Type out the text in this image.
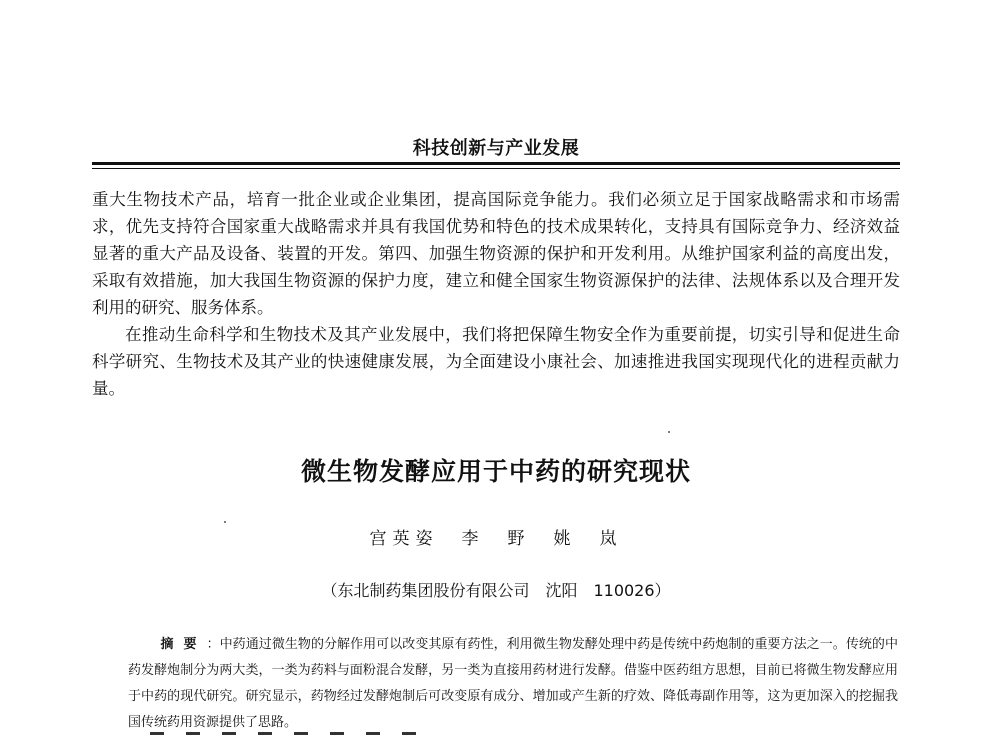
科技创新与产业发展

重大生物技术产品，培育一批企业或企业集团，提高国际竞争能力。我们必须立足于国家战略需求和市场需求，优先支持符合国家重大战略需求并具有我国优势和特色的技术成果转化，支持具有国际竞争力、经济效益显著的重大产品及设备、装置的开发。第四、加强生物资源的保护和开发利用。从维护国家利益的高度出发，采取有效措施，加大我国生物资源的保护力度，建立和健全国家生物资源保护的法律、法规体系以及合理开发利用的研究、服务体系。

在推动生命科学和生物技术及其产业发展中，我们将把保障生物安全作为重要前提，切实引导和促进生命科学研究、生物技术及其产业的快速健康发展，为全面建设小康社会、加速推进我国实现现代化的进程贡献力量。

微生物发酵应用于中药的研究现状
宫英姿　李　野　姚　岚
（东北制药集团股份有限公司　沈阳　110026）
摘要：中药通过微生物的分解作用可以改变其原有药性，利用微生物发酵处理中药是传统中药炮制的重要方法之一。传统的中药发酵炮制分为两大类，一类为药料与面粉混合发酵，另一类为直接用药材进行发酵。借鉴中医药组方思想，目前已将微生物发酵应用于中药的现代研究。研究显示，药物经过发酵炮制后可改变原有成分、增加或产生新的疗效、降低毒副作用等，这为更加深入的挖掘我国传统药用资源提供了思路。
